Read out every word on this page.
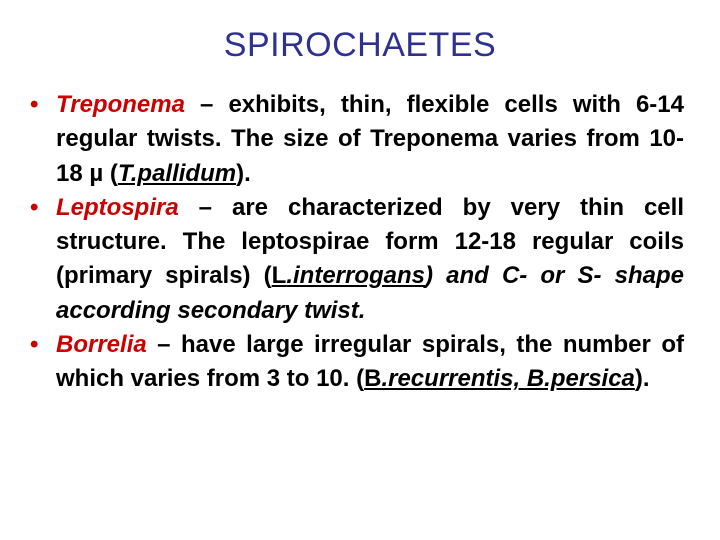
SPIROCHAETES
• Treponema – exhibits, thin, flexible cells with 6-14 regular twists. The size of Treponema varies from 10-18 µ (T.pallidum).
• Leptospira – are characterized by very thin cell structure. The leptospirae form 12-18 regular coils (primary spirals) (L.interrogans) and C- or S- shape according secondary twist.
• Borrelia – have large irregular spirals, the number of which varies from 3 to 10. (B.recurrentis, B.persica).
